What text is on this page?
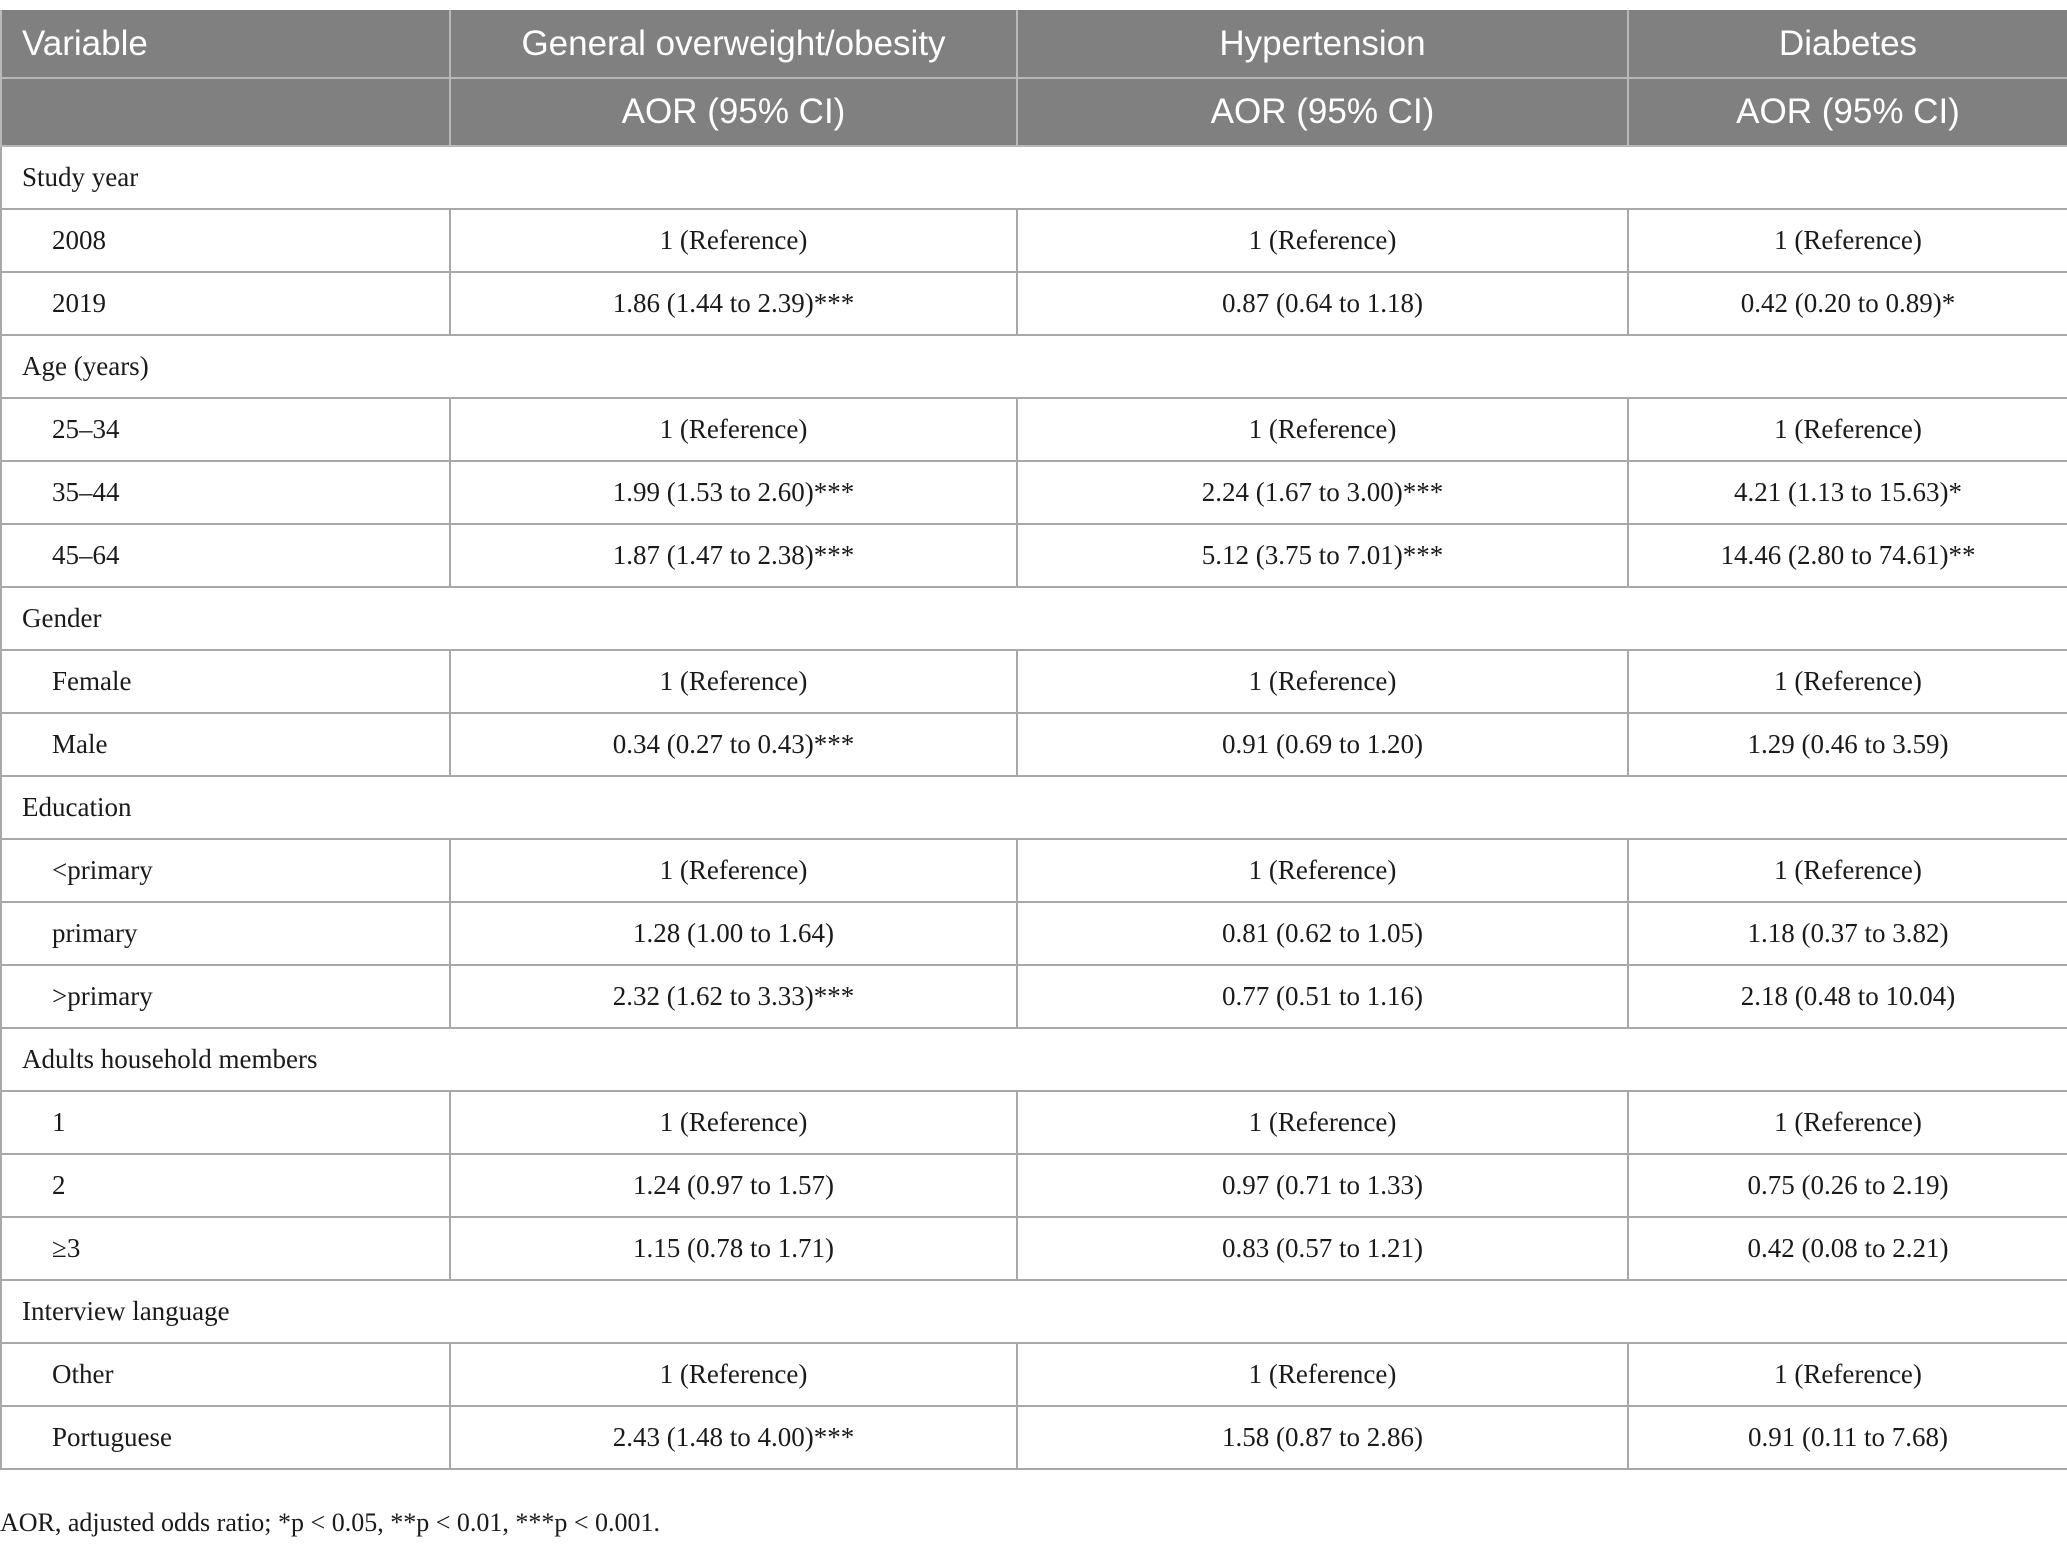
Variable	General overweight/obesity	Hypertension	Diabetes
	AOR (95% CI)	AOR (95% CI)	AOR (95% CI)
Study year			
2008	1 (Reference)	1 (Reference)	1 (Reference)
2019	1.86 (1.44 to 2.39)***	0.87 (0.64 to 1.18)	0.42 (0.20 to 0.89)*
Age (years)			
25–34	1 (Reference)	1 (Reference)	1 (Reference)
35–44	1.99 (1.53 to 2.60)***	2.24 (1.67 to 3.00)***	4.21 (1.13 to 15.63)*
45–64	1.87 (1.47 to 2.38)***	5.12 (3.75 to 7.01)***	14.46 (2.80 to 74.61)**
Gender			
Female	1 (Reference)	1 (Reference)	1 (Reference)
Male	0.34 (0.27 to 0.43)***	0.91 (0.69 to 1.20)	1.29 (0.46 to 3.59)
Education			
<primary	1 (Reference)	1 (Reference)	1 (Reference)
primary	1.28 (1.00 to 1.64)	0.81 (0.62 to 1.05)	1.18 (0.37 to 3.82)
>primary	2.32 (1.62 to 3.33)***	0.77 (0.51 to 1.16)	2.18 (0.48 to 10.04)
Adults household members			
1	1 (Reference)	1 (Reference)	1 (Reference)
2	1.24 (0.97 to 1.57)	0.97 (0.71 to 1.33)	0.75 (0.26 to 2.19)
≥3	1.15 (0.78 to 1.71)	0.83 (0.57 to 1.21)	0.42 (0.08 to 2.21)
Interview language			
Other	1 (Reference)	1 (Reference)	1 (Reference)
Portuguese	2.43 (1.48 to 4.00)***	1.58 (0.87 to 2.86)	0.91 (0.11 to 7.68)
AOR, adjusted odds ratio; *p < 0.05, **p < 0.01, ***p < 0.001.
